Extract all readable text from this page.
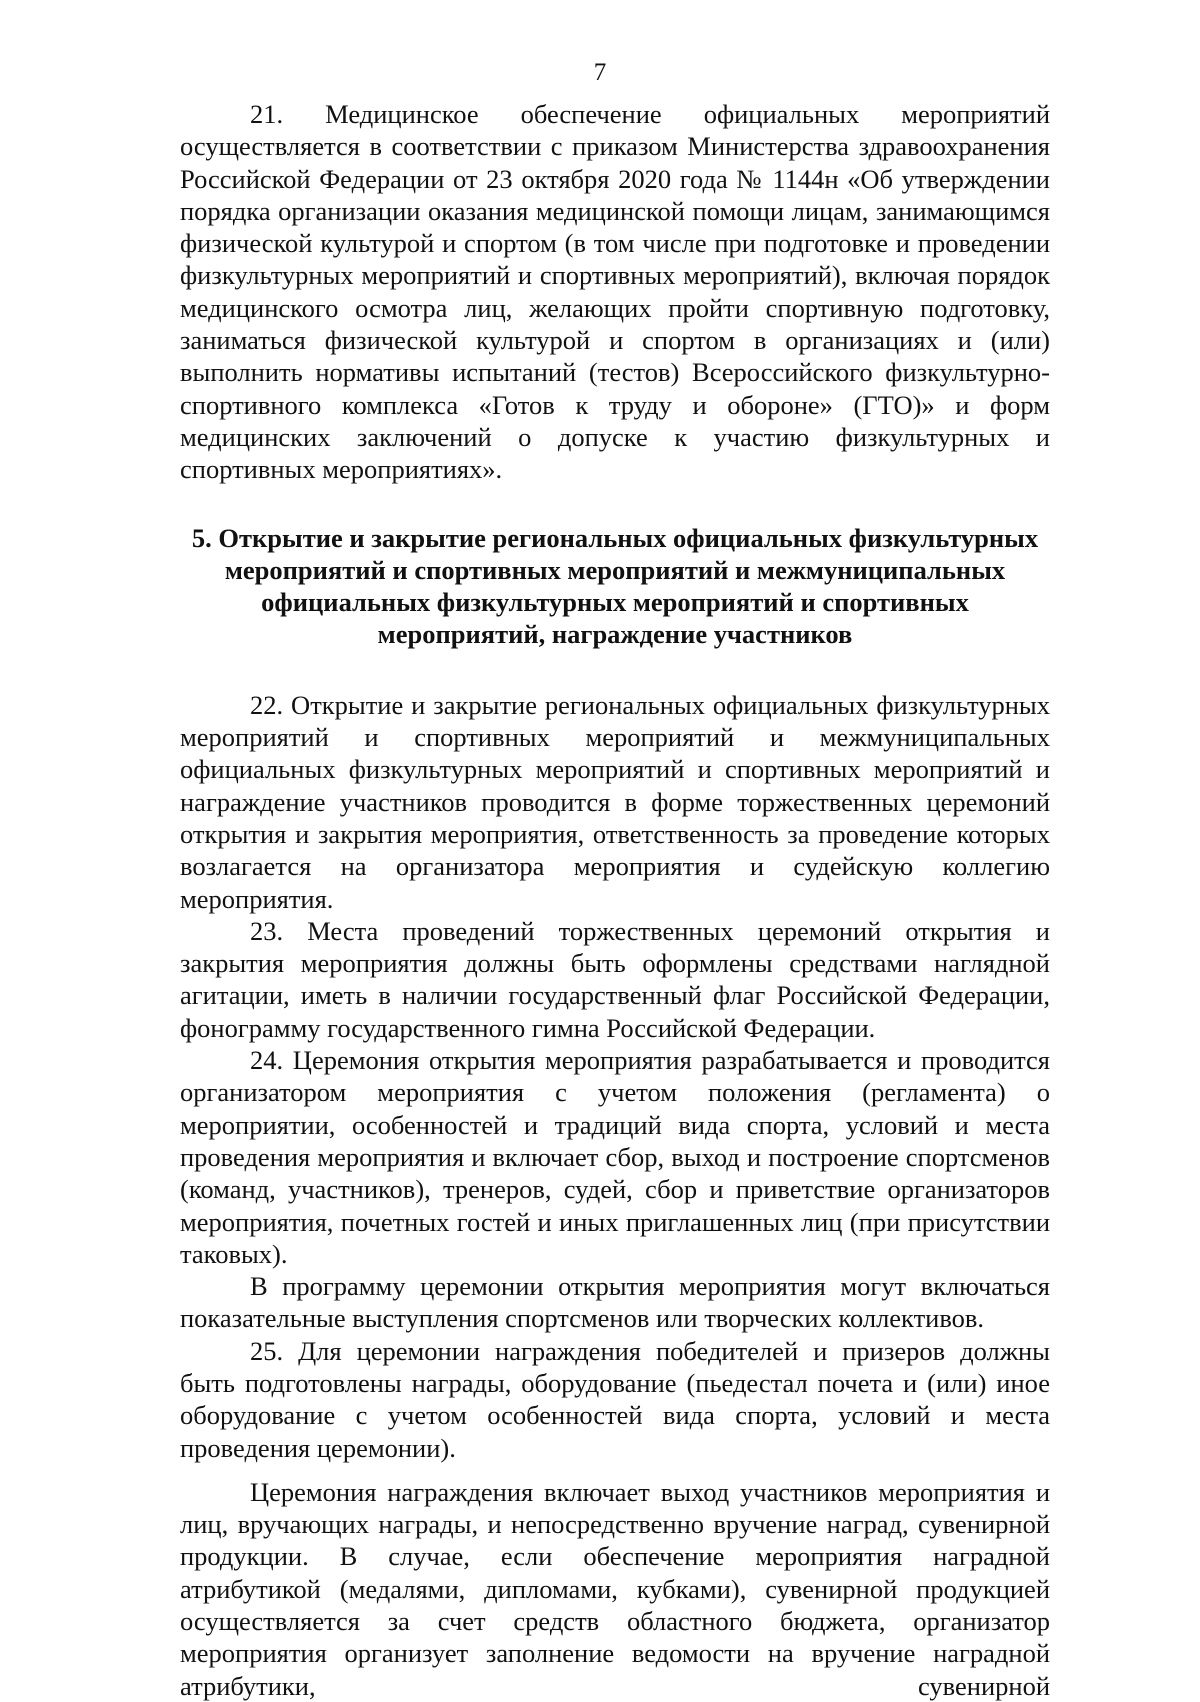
7

21. Медицинское обеспечение официальных мероприятий осуществляется в соответствии с приказом Министерства здравоохранения Российской Федерации от 23 октября 2020 года № 1144н «Об утверждении порядка организации оказания медицинской помощи лицам, занимающимся физической культурой и спортом (в том числе при подготовке и проведении физкультурных мероприятий и спортивных мероприятий), включая порядок медицинского осмотра лиц, желающих пройти спортивную подготовку, заниматься физической культурой и спортом в организациях и (или) выполнить нормативы испытаний (тестов) Всероссийского физкультурно-спортивного комплекса «Готов к труду и обороне» (ГТО)» и форм медицинских заключений о допуске к участию физкультурных и спортивных мероприятиях».

5. Открытие и закрытие региональных официальных физкультурных мероприятий и спортивных мероприятий и межмуниципальных официальных физкультурных мероприятий и спортивных мероприятий, награждение участников

22. Открытие и закрытие региональных официальных физкультурных мероприятий и спортивных мероприятий и межмуниципальных официальных физкультурных мероприятий и спортивных мероприятий и награждение участников проводится в форме торжественных церемоний открытия и закрытия мероприятия, ответственность за проведение которых возлагается на организатора мероприятия и судейскую коллегию мероприятия.

23. Места проведений торжественных церемоний открытия и закрытия мероприятия должны быть оформлены средствами наглядной агитации, иметь в наличии государственный флаг Российской Федерации, фонограмму государственного гимна Российской Федерации.

24. Церемония открытия мероприятия разрабатывается и проводится организатором мероприятия с учетом положения (регламента) о мероприятии, особенностей и традиций вида спорта, условий и места проведения мероприятия и включает сбор, выход и построение спортсменов (команд, участников), тренеров, судей, сбор и приветствие организаторов мероприятия, почетных гостей и иных приглашенных лиц (при присутствии таковых).

В программу церемонии открытия мероприятия могут включаться показательные выступления спортсменов или творческих коллективов.

25. Для церемонии награждения победителей и призеров должны быть подготовлены награды, оборудование (пьедестал почета и (или) иное оборудование с учетом особенностей вида спорта, условий и места проведения церемонии).

Церемония награждения включает выход участников мероприятия и лиц, вручающих награды, и непосредственно вручение наград, сувенирной продукции. В случае, если обеспечение мероприятия наградной атрибутикой (медалями, дипломами, кубками), сувенирной продукцией осуществляется за счет средств областного бюджета, организатор мероприятия организует заполнение ведомости на вручение наградной атрибутики, сувенирной
